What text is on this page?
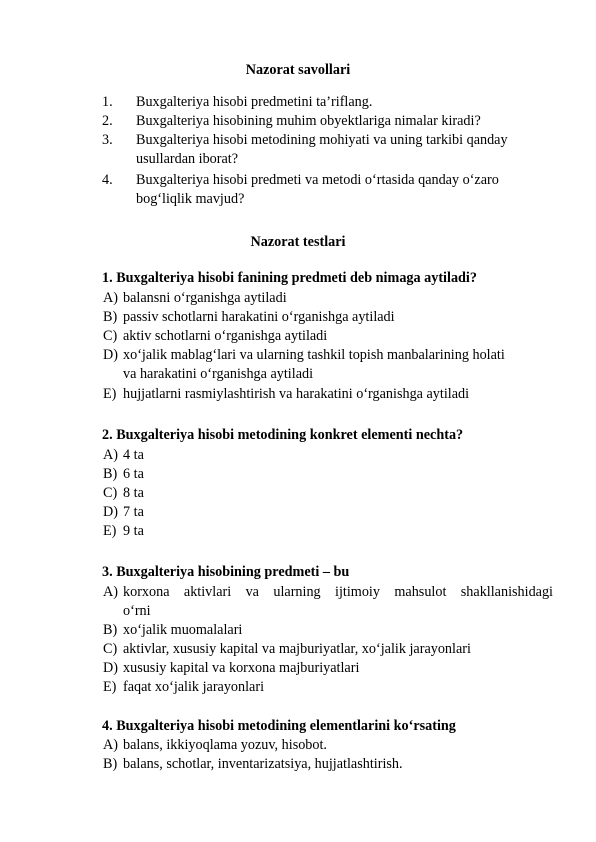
Nazorat savollari
1. Buxgalteriya hisobi predmetini ta’riflang.
2. Buxgalteriya hisobining muhim obyektlariga nimalar kiradi?
3. Buxgalteriya hisobi metodining mohiyati va uning tarkibi qanday
usullardan iborat?
4. Buxgalteriya hisobi predmeti va metodi o‘rtasida qanday o‘zaro
bog‘liqlik mavjud?
Nazorat testlari
1. Buxgalteriya hisobi fanining predmeti deb nimaga aytiladi?
A) balansni o‘rganishga aytiladi
B) passiv schotlarni harakatini o‘rganishga aytiladi
C) aktiv schotlarni o‘rganishga aytiladi
D) xo‘jalik mablag‘lari va ularning tashkil topish manbalarining holati
va harakatini o‘rganishga aytiladi
E) hujjatlarni rasmiylashtirish va harakatini o‘rganishga aytiladi
2. Buxgalteriya hisobi metodining konkret elementi nechta?
A) 4 ta
B) 6 ta
C) 8 ta
D) 7 ta
E) 9 ta
3. Buxgalteriya hisobining predmeti – bu
A) korxona aktivlari va ularning ijtimoiy mahsulot shakllanishidagi
o‘rni
B) xo‘jalik muomalalari
C) aktivlar, xususiy kapital va majburiyatlar, xo‘jalik jarayonlari
D) xususiy kapital va korxona majburiyatlari
E) faqat xo‘jalik jarayonlari
4. Buxgalteriya hisobi metodining elementlarini ko‘rsating
A) balans, ikkiyoqlama yozuv, hisobot.
B) balans, schotlar, inventarizatsiya, hujjatlashtirish.
